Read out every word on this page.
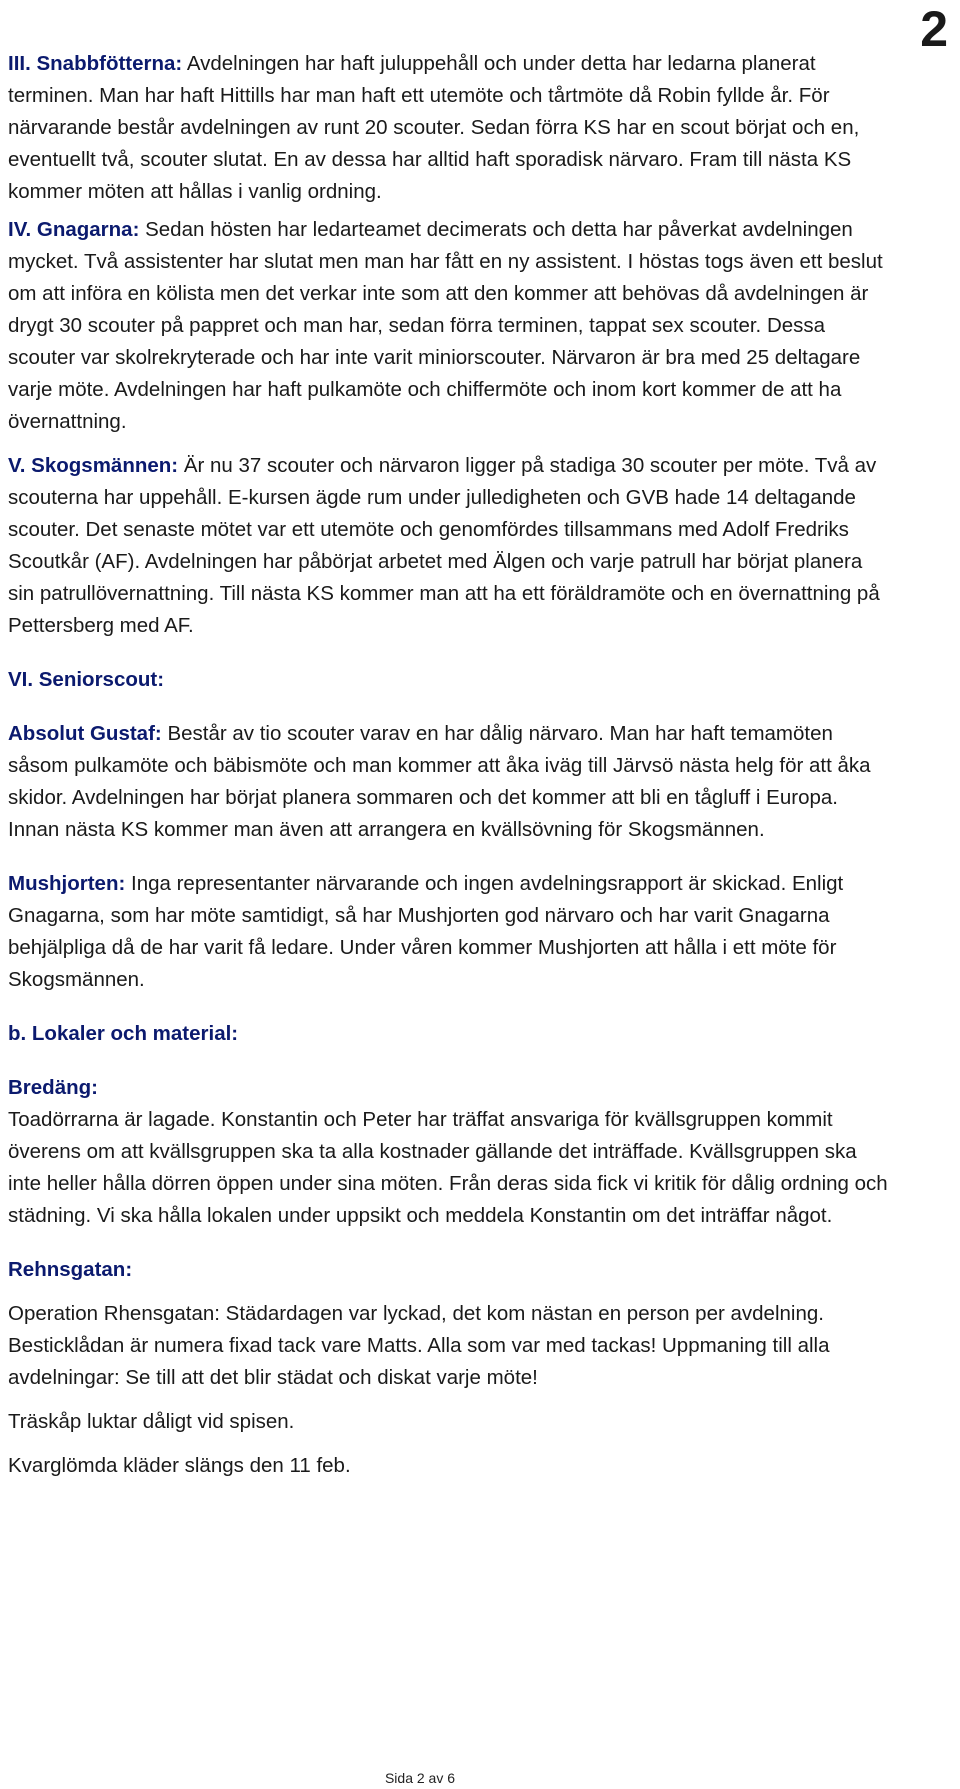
2

III. Snabbfötterna: Avdelningen har haft juluppehåll och under detta har ledarna planerat terminen. Man har haft Hittills har man haft ett utemöte och tårtmöte då Robin fyllde år. För närvarande består avdelningen av runt 20 scouter. Sedan förra KS har en scout börjat och en, eventuellt två, scouter slutat. En av dessa har alltid haft sporadisk närvaro. Fram till nästa KS kommer möten att hållas i vanlig ordning.

IV. Gnagarna: Sedan hösten har ledarteamet decimerats och detta har påverkat avdelningen mycket. Två assistenter har slutat men man har fått en ny assistent. I höstas togs även ett beslut om att införa en kölista men det verkar inte som att den kommer att behövas då avdelningen är drygt 30 scouter på pappret och man har, sedan förra terminen, tappat sex scouter. Dessa scouter var skolrekryterade och har inte varit miniorscouter. Närvaron är bra med 25 deltagare varje möte. Avdelningen har haft pulkamöte och chiffermöte och inom kort kommer de att ha övernattning.

V. Skogsmännen: Är nu 37 scouter och närvaron ligger på stadiga 30 scouter per möte. Två av scouterna har uppehåll. E-kursen ägde rum under julledigheten och GVB hade 14 deltagande scouter. Det senaste mötet var ett utemöte och genomfördes tillsammans med Adolf Fredriks Scoutkår (AF). Avdelningen har påbörjat arbetet med Älgen och varje patrull har börjat planera sin patrullövernattning. Till nästa KS kommer man att ha ett föräldramöte och en övernattning på Pettersberg med AF.

VI. Seniorscout:

Absolut Gustaf: Består av tio scouter varav en har dålig närvaro. Man har haft temamöten såsom pulkamöte och bäbismöte och man kommer att åka iväg till Järvsö nästa helg för att åka skidor. Avdelningen har börjat planera sommaren och det kommer att bli en tågluff i Europa. Innan nästa KS kommer man även att arrangera en kvällsövning för Skogsmännen.

Mushjorten: Inga representanter närvarande och ingen avdelningsrapport är skickad. Enligt Gnagarna, som har möte samtidigt, så har Mushjorten god närvaro och har varit Gnagarna behjälpliga då de har varit få ledare. Under våren kommer Mushjorten att hålla i ett möte för Skogsmännen.

b. Lokaler och material:

Bredäng:

Toadörrarna är lagade. Konstantin och Peter har träffat ansvariga för kvällsgruppen kommit överens om att kvällsgruppen ska ta alla kostnader gällande det inträffade. Kvällsgruppen ska inte heller hålla dörren öppen under sina möten. Från deras sida fick vi kritik för dålig ordning och städning. Vi ska hålla lokalen under uppsikt och meddela Konstantin om det inträffar något.

Rehnsgatan:

Operation Rhensgatan: Städardagen var lyckad, det kom nästan en person per avdelning. Besticklådan är numera fixad tack vare Matts. Alla som var med tackas! Uppmaning till alla avdelningar: Se till att det blir städat och diskat varje möte!

Träskåp luktar dåligt vid spisen.

Kvarglömda kläder slängs den 11 feb.

Sida 2 av 6
